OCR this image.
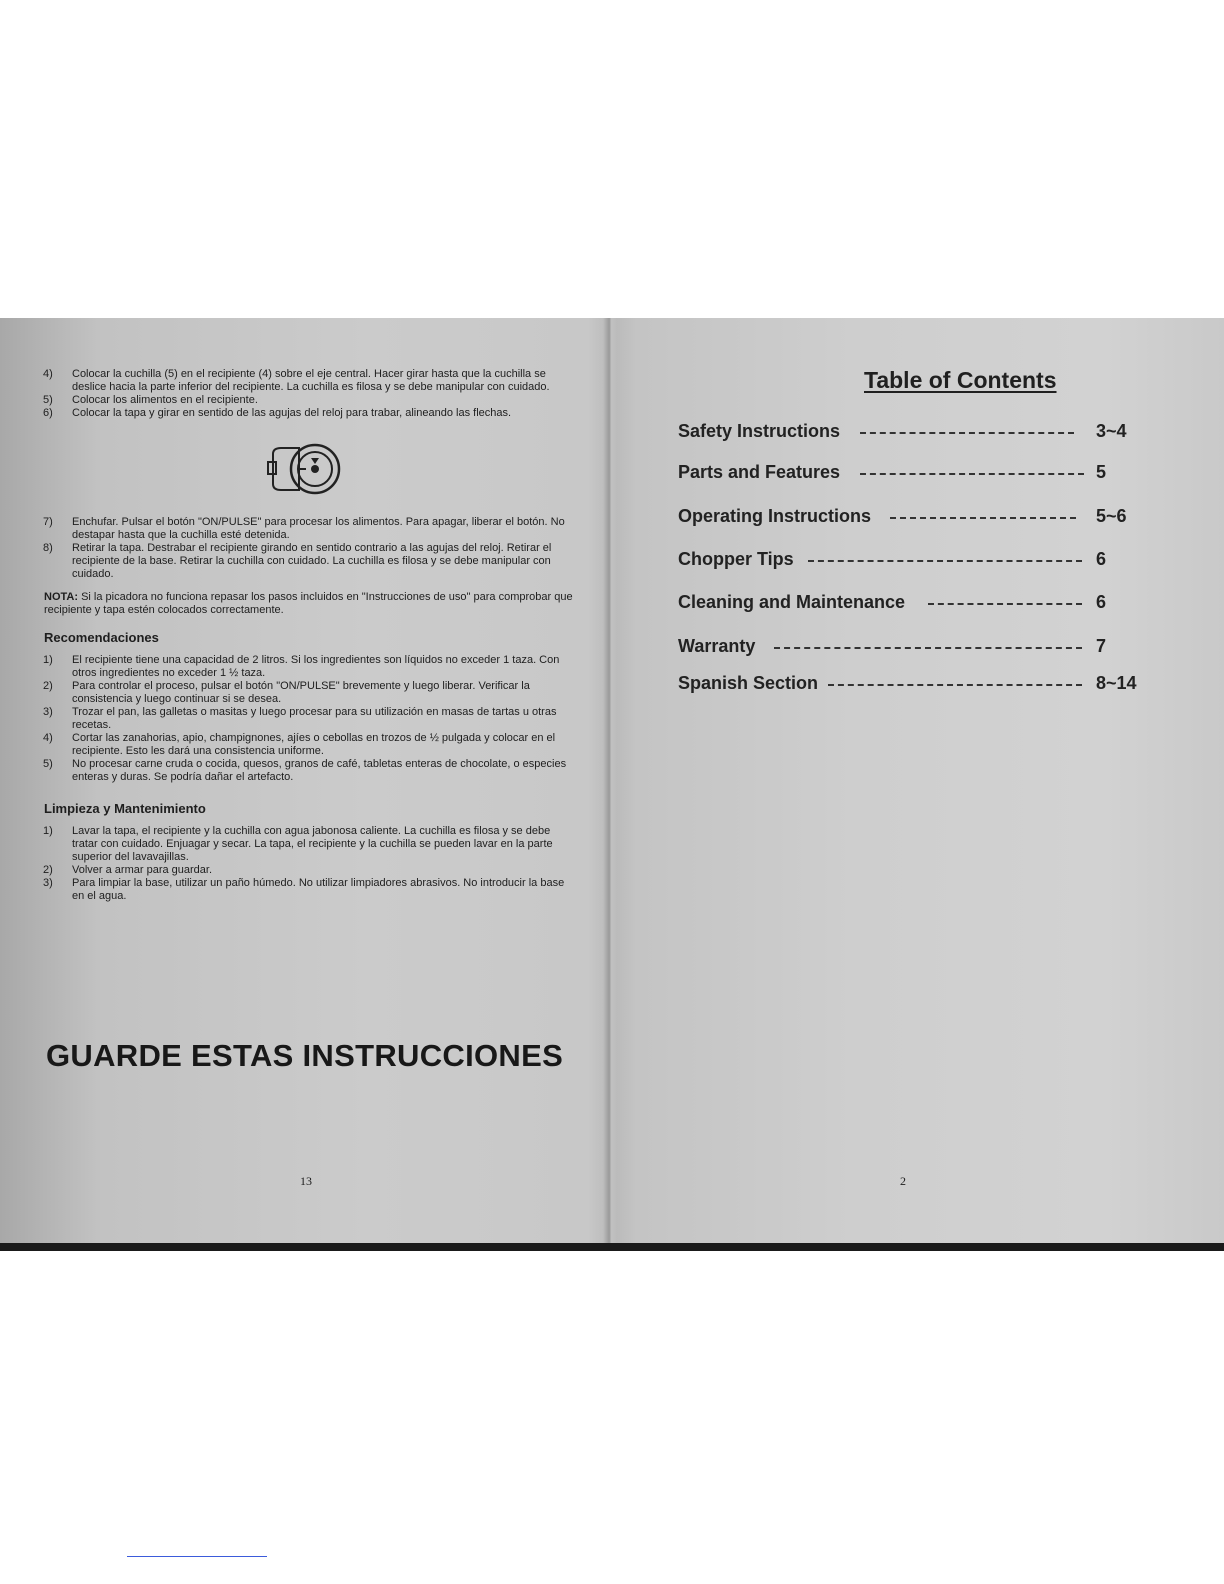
4) Colocar la cuchilla (5) en el recipiente (4) sobre el eje central. Hacer girar hasta que la cuchilla se deslice hacia la parte inferior del recipiente. La cuchilla es filosa y se debe manipular con cuidado.

5) Colocar los alimentos en el recipiente.

6) Colocar la tapa y girar en sentido de las agujas del reloj para trabar, alineando las flechas.

7) Enchufar. Pulsar el botón "ON/PULSE" para procesar los alimentos. Para apagar, liberar el botón. No destapar hasta que la cuchilla esté detenida.

8) Retirar la tapa. Destrabar el recipiente girando en sentido contrario a las agujas del reloj. Retirar el recipiente de la base. Retirar la cuchilla con cuidado. La cuchilla es filosa y se debe manipular con cuidado.

NOTA: Si la picadora no funciona repasar los pasos incluidos en "Instrucciones de uso" para comprobar que recipiente y tapa estén colocados correctamente.

Recomendaciones

1) El recipiente tiene una capacidad de 2 litros. Si los ingredientes son líquidos no exceder 1 taza. Con otros ingredientes no exceder 1 ½ taza.

2) Para controlar el proceso, pulsar el botón "ON/PULSE" brevemente y luego liberar. Verificar la consistencia y luego continuar si se desea.

3) Trozar el pan, las galletas o masitas y luego procesar para su utilización en masas de tartas u otras recetas.

4) Cortar las zanahorias, apio, champignones, ajíes o cebollas en trozos de ½ pulgada y colocar en el recipiente. Esto les dará una consistencia uniforme.

5) No procesar carne cruda o cocida, quesos, granos de café, tabletas enteras de chocolate, o especies enteras y duras. Se podría dañar el artefacto.

Limpieza y Mantenimiento

1) Lavar la tapa, el recipiente y la cuchilla con agua jabonosa caliente. La cuchilla es filosa y se debe tratar con cuidado. Enjuagar y secar. La tapa, el recipiente y la cuchilla se pueden lavar en la parte superior del lavavajillas.

2) Volver a armar para guardar.

3) Para limpiar la base, utilizar un paño húmedo. No utilizar limpiadores abrasivos. No introducir la base en el agua.

GUARDE ESTAS INSTRUCCIONES
13
Table of Contents
Safety Instructions	3~4
Parts and Features	5
Operating Instructions	5~6
Chopper Tips	6
Cleaning and Maintenance	6
Warranty	7
Spanish Section	8~14
2
